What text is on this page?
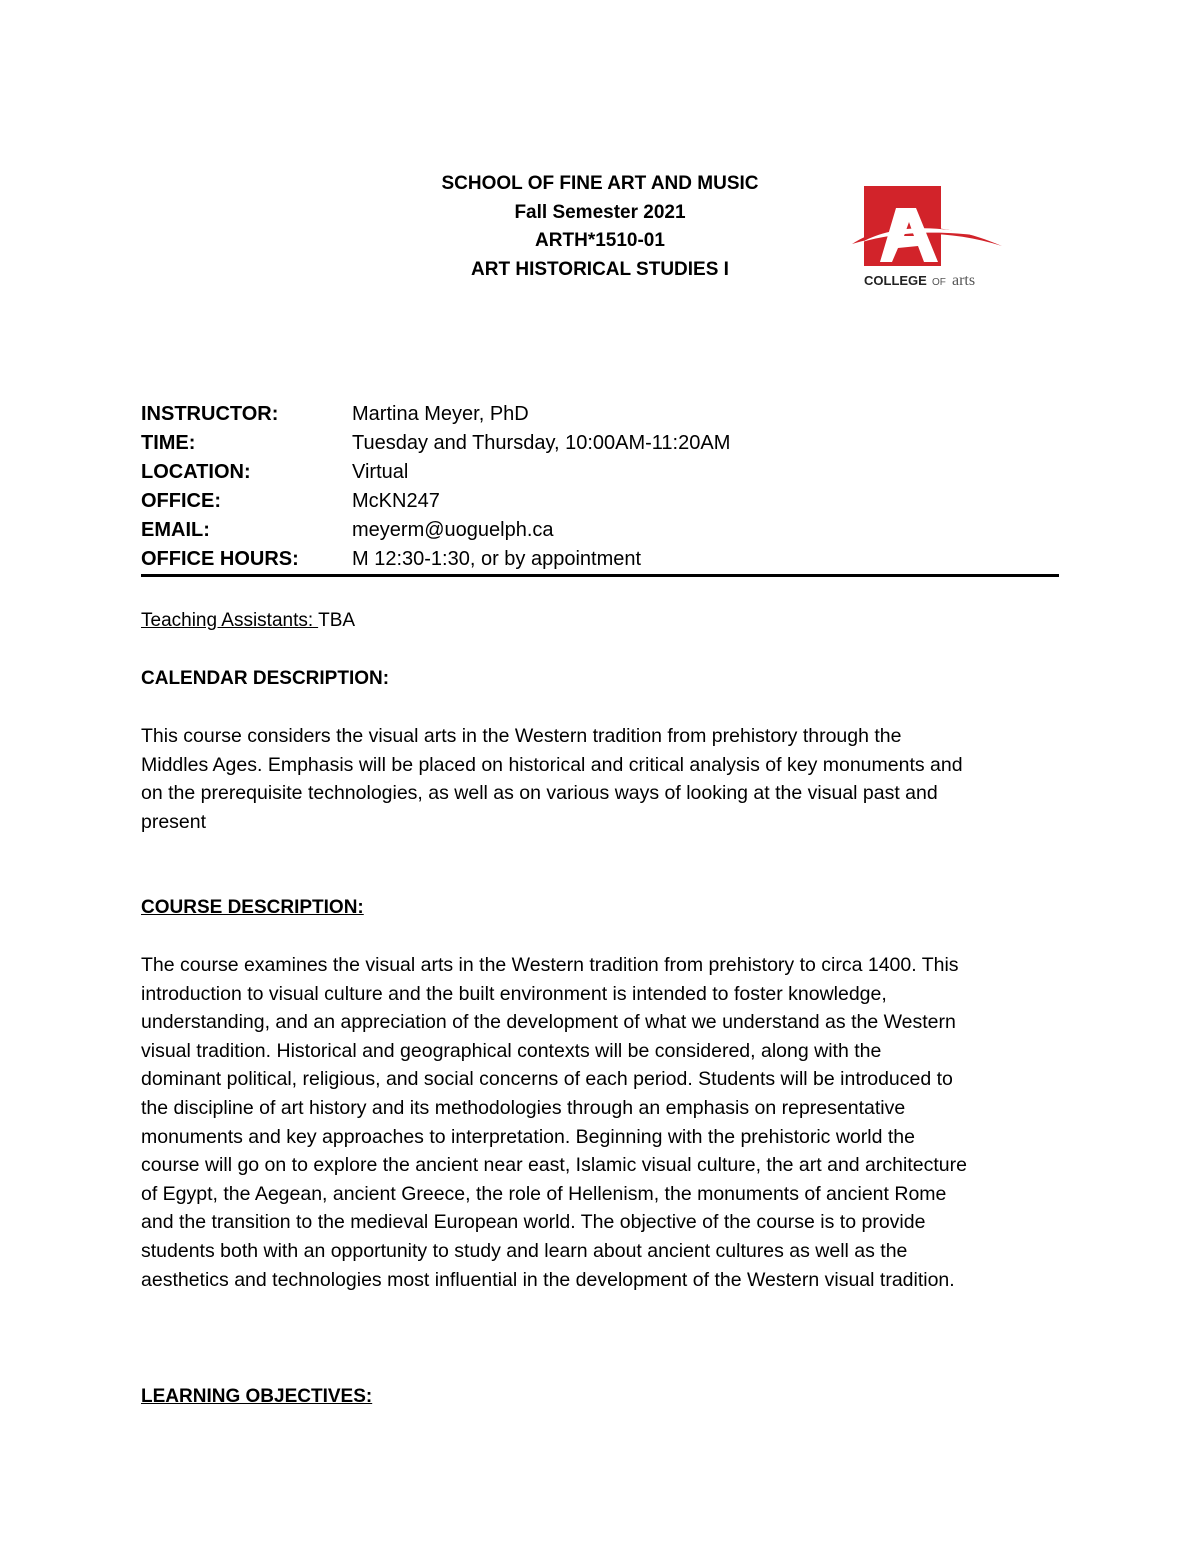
SCHOOL OF FINE ART AND MUSIC
Fall Semester 2021
ARTH*1510-01
ART HISTORICAL STUDIES I
COLLEGE OF arts
INSTRUCTOR:	Martina Meyer, PhD
TIME:	Tuesday and Thursday, 10:00AM-11:20AM
LOCATION:	Virtual
OFFICE:	McKN247
EMAIL:	meyerm@uoguelph.ca
OFFICE HOURS:	M 12:30-1:30, or by appointment
Teaching Assistants: TBA
CALENDAR DESCRIPTION:
This course considers the visual arts in the Western tradition from prehistory through the
Middles Ages. Emphasis will be placed on historical and critical analysis of key monuments and
on the prerequisite technologies, as well as on various ways of looking at the visual past and
present
COURSE DESCRIPTION:
The course examines the visual arts in the Western tradition from prehistory to circa 1400. This
introduction to visual culture and the built environment is intended to foster knowledge,
understanding, and an appreciation of the development of what we understand as the Western
visual tradition. Historical and geographical contexts will be considered, along with the
dominant political, religious, and social concerns of each period. Students will be introduced to
the discipline of art history and its methodologies through an emphasis on representative
monuments and key approaches to interpretation. Beginning with the prehistoric world the
course will go on to explore the ancient near east, Islamic visual culture, the art and architecture
of Egypt, the Aegean, ancient Greece, the role of Hellenism, the monuments of ancient Rome
and the transition to the medieval European world. The objective of the course is to provide
students both with an opportunity to study and learn about ancient cultures as well as the
aesthetics and technologies most influential in the development of the Western visual tradition.
LEARNING OBJECTIVES:
